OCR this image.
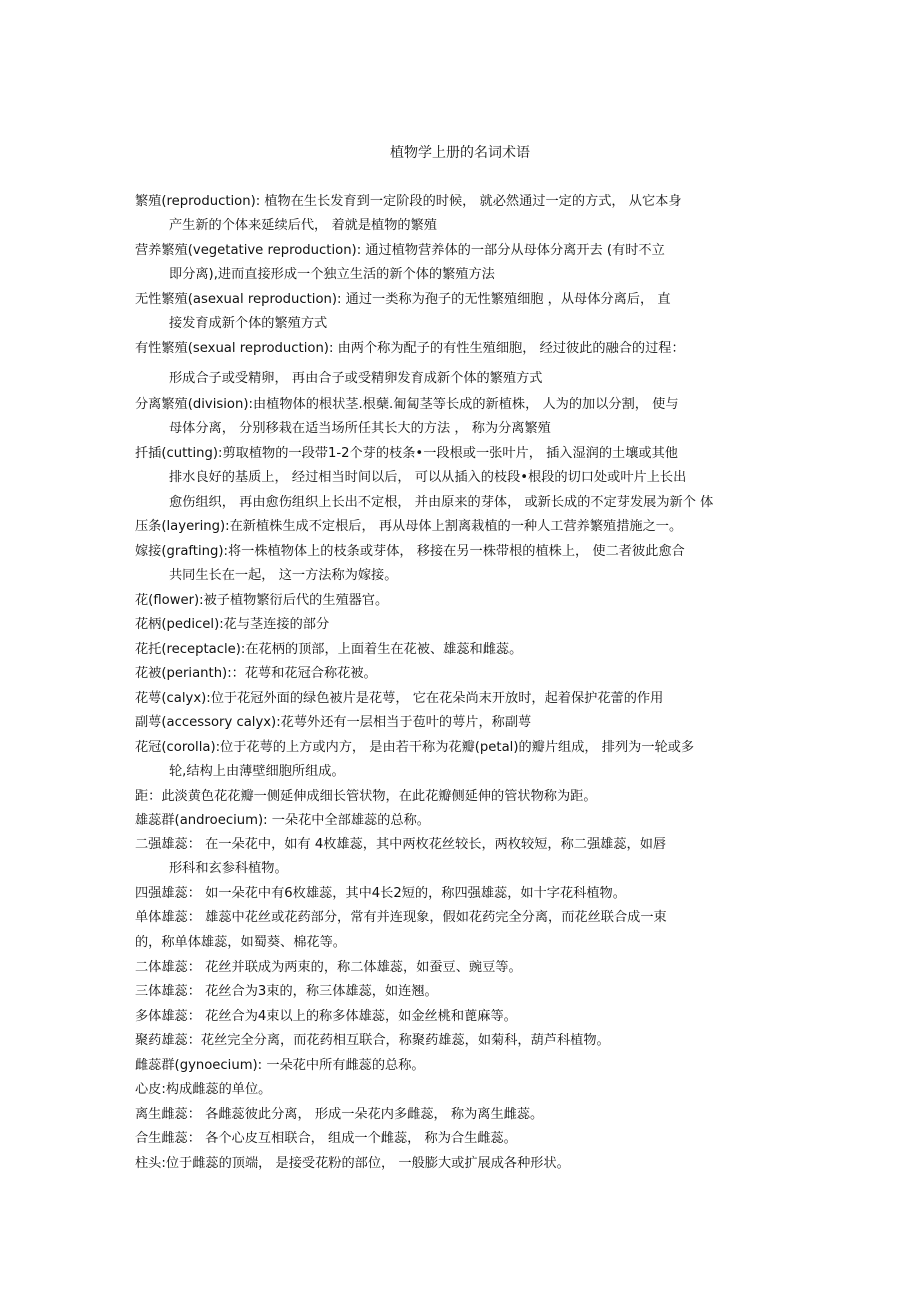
植物学上册的名词术语
繁殖(reproduction): 植物在生长发育到一定阶段的时候， 就必然通过一定的方式， 从它本身
产生新的个体来延续后代， 着就是植物的繁殖
营养繁殖(vegetative reproduction): 通过植物营养体的一部分从母体分离开去 (有时不立
即分离),进而直接形成一个独立生活的新个体的繁殖方法
无性繁殖(asexual reproduction): 通过一类称为孢子的无性繁殖细胞 ，从母体分离后， 直
接发育成新个体的繁殖方式
有性繁殖(sexual reproduction): 由两个称为配子的有性生殖细胞， 经过彼此的融合的过程：
形成合子或受精卵， 再由合子或受精卵发育成新个体的繁殖方式
分离繁殖(division):由植物体的根状茎.根蘖.匍匐茎等长成的新植株， 人为的加以分割， 使与
母体分离， 分别移栽在适当场所任其长大的方法 ， 称为分离繁殖
扦插(cutting):剪取植物的一段带1-2个芽的枝条•一段根或一张叶片， 插入湿润的土壤或其他
排水良好的基质上， 经过相当时间以后， 可以从插入的枝段•根段的切口处或叶片上长出
愈伤组织， 再由愈伤组织上长出不定根， 并由原来的芽体， 或新长成的不定芽发展为新个 体
压条(layering):在新植株生成不定根后， 再从母体上割离栽植的一种人工营养繁殖措施之一。
嫁接(grafting):将一株植物体上的枝条或芽体， 移接在另一株带根的植株上， 使二者彼此愈合
共同生长在一起， 这一方法称为嫁接。
花(flower):被子植物繁衍后代的生殖器官。
花柄(pedicel):花与茎连接的部分
花托(receptacle):在花柄的顶部，上面着生在花被、雄蕊和雌蕊。
花被(perianth):：花萼和花冠合称花被。
花萼(calyx):位于花冠外面的绿色被片是花萼， 它在花朵尚末开放时，起着保护花蕾的作用
副萼(accessory calyx):花萼外还有一层相当于苞叶的萼片，称副萼
花冠(corolla):位于花萼的上方或内方， 是由若干称为花瓣(petal)的瓣片组成， 排列为一轮或多
轮,结构上由薄壁细胞所组成。
距：此淡黄色花花瓣一侧延伸成细长管状物，在此花瓣侧延伸的管状物称为距。
雄蕊群(androecium): 一朵花中全部雄蕊的总称。
二强雄蕊： 在一朵花中，如有 4枚雄蕊，其中两枚花丝较长，两枚较短，称二强雄蕊，如唇
形科和玄参科植物。
四强雄蕊： 如一朵花中有6枚雄蕊，其中4长2短的，称四强雄蕊，如十字花科植物。
单体雄蕊： 雄蕊中花丝或花药部分，常有并连现象，假如花药完全分离，而花丝联合成一束
的，称单体雄蕊，如蜀葵、棉花等。
二体雄蕊： 花丝并联成为两束的，称二体雄蕊，如蚕豆、豌豆等。
三体雄蕊： 花丝合为3束的，称三体雄蕊，如连翘。
多体雄蕊： 花丝合为4束以上的称多体雄蕊，如金丝桃和蓖麻等。
聚药雄蕊：花丝完全分离，而花药相互联合，称聚药雄蕊，如菊科，葫芦科植物。
雌蕊群(gynoecium): 一朵花中所有雌蕊的总称。
心皮:构成雌蕊的单位。
离生雌蕊： 各雌蕊彼此分离， 形成一朵花内多雌蕊， 称为离生雌蕊。
合生雌蕊： 各个心皮互相联合， 组成一个雌蕊， 称为合生雌蕊。
柱头:位于雌蕊的顶端， 是接受花粉的部位， 一般膨大或扩展成各种形状。
